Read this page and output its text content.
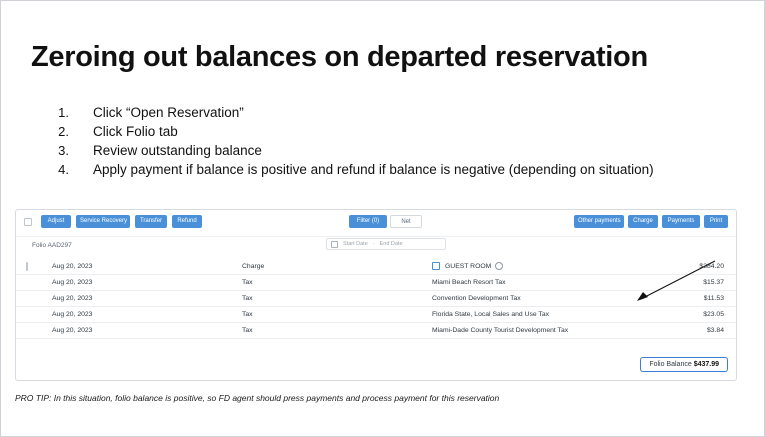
Zeroing out balances on departed reservation
1.	Click “Open Reservation”
2.	Click Folio tab
3.	Review outstanding balance
4.	Apply payment if balance is positive and refund if balance is negative (depending on situation)
Adjust	Service Recovery	Transfer	Refund	Filter (0)	Net	Other payments	Charge	Payments	Print
Folio AAD297	Start Date - End Date
	Aug 20, 2023	Charge	GUEST ROOM	$384.20
	Aug 20, 2023	Tax	Miami Beach Resort Tax	$15.37
	Aug 20, 2023	Tax	Convention Development Tax	$11.53
	Aug 20, 2023	Tax	Florida State, Local Sales and Use Tax	$23.05
	Aug 20, 2023	Tax	Miami-Dade County Tourist Development Tax	$3.84
Folio Balance $437.99
PRO TIP: In this situation, folio balance is positive, so FD agent should press payments and process payment for this reservation
